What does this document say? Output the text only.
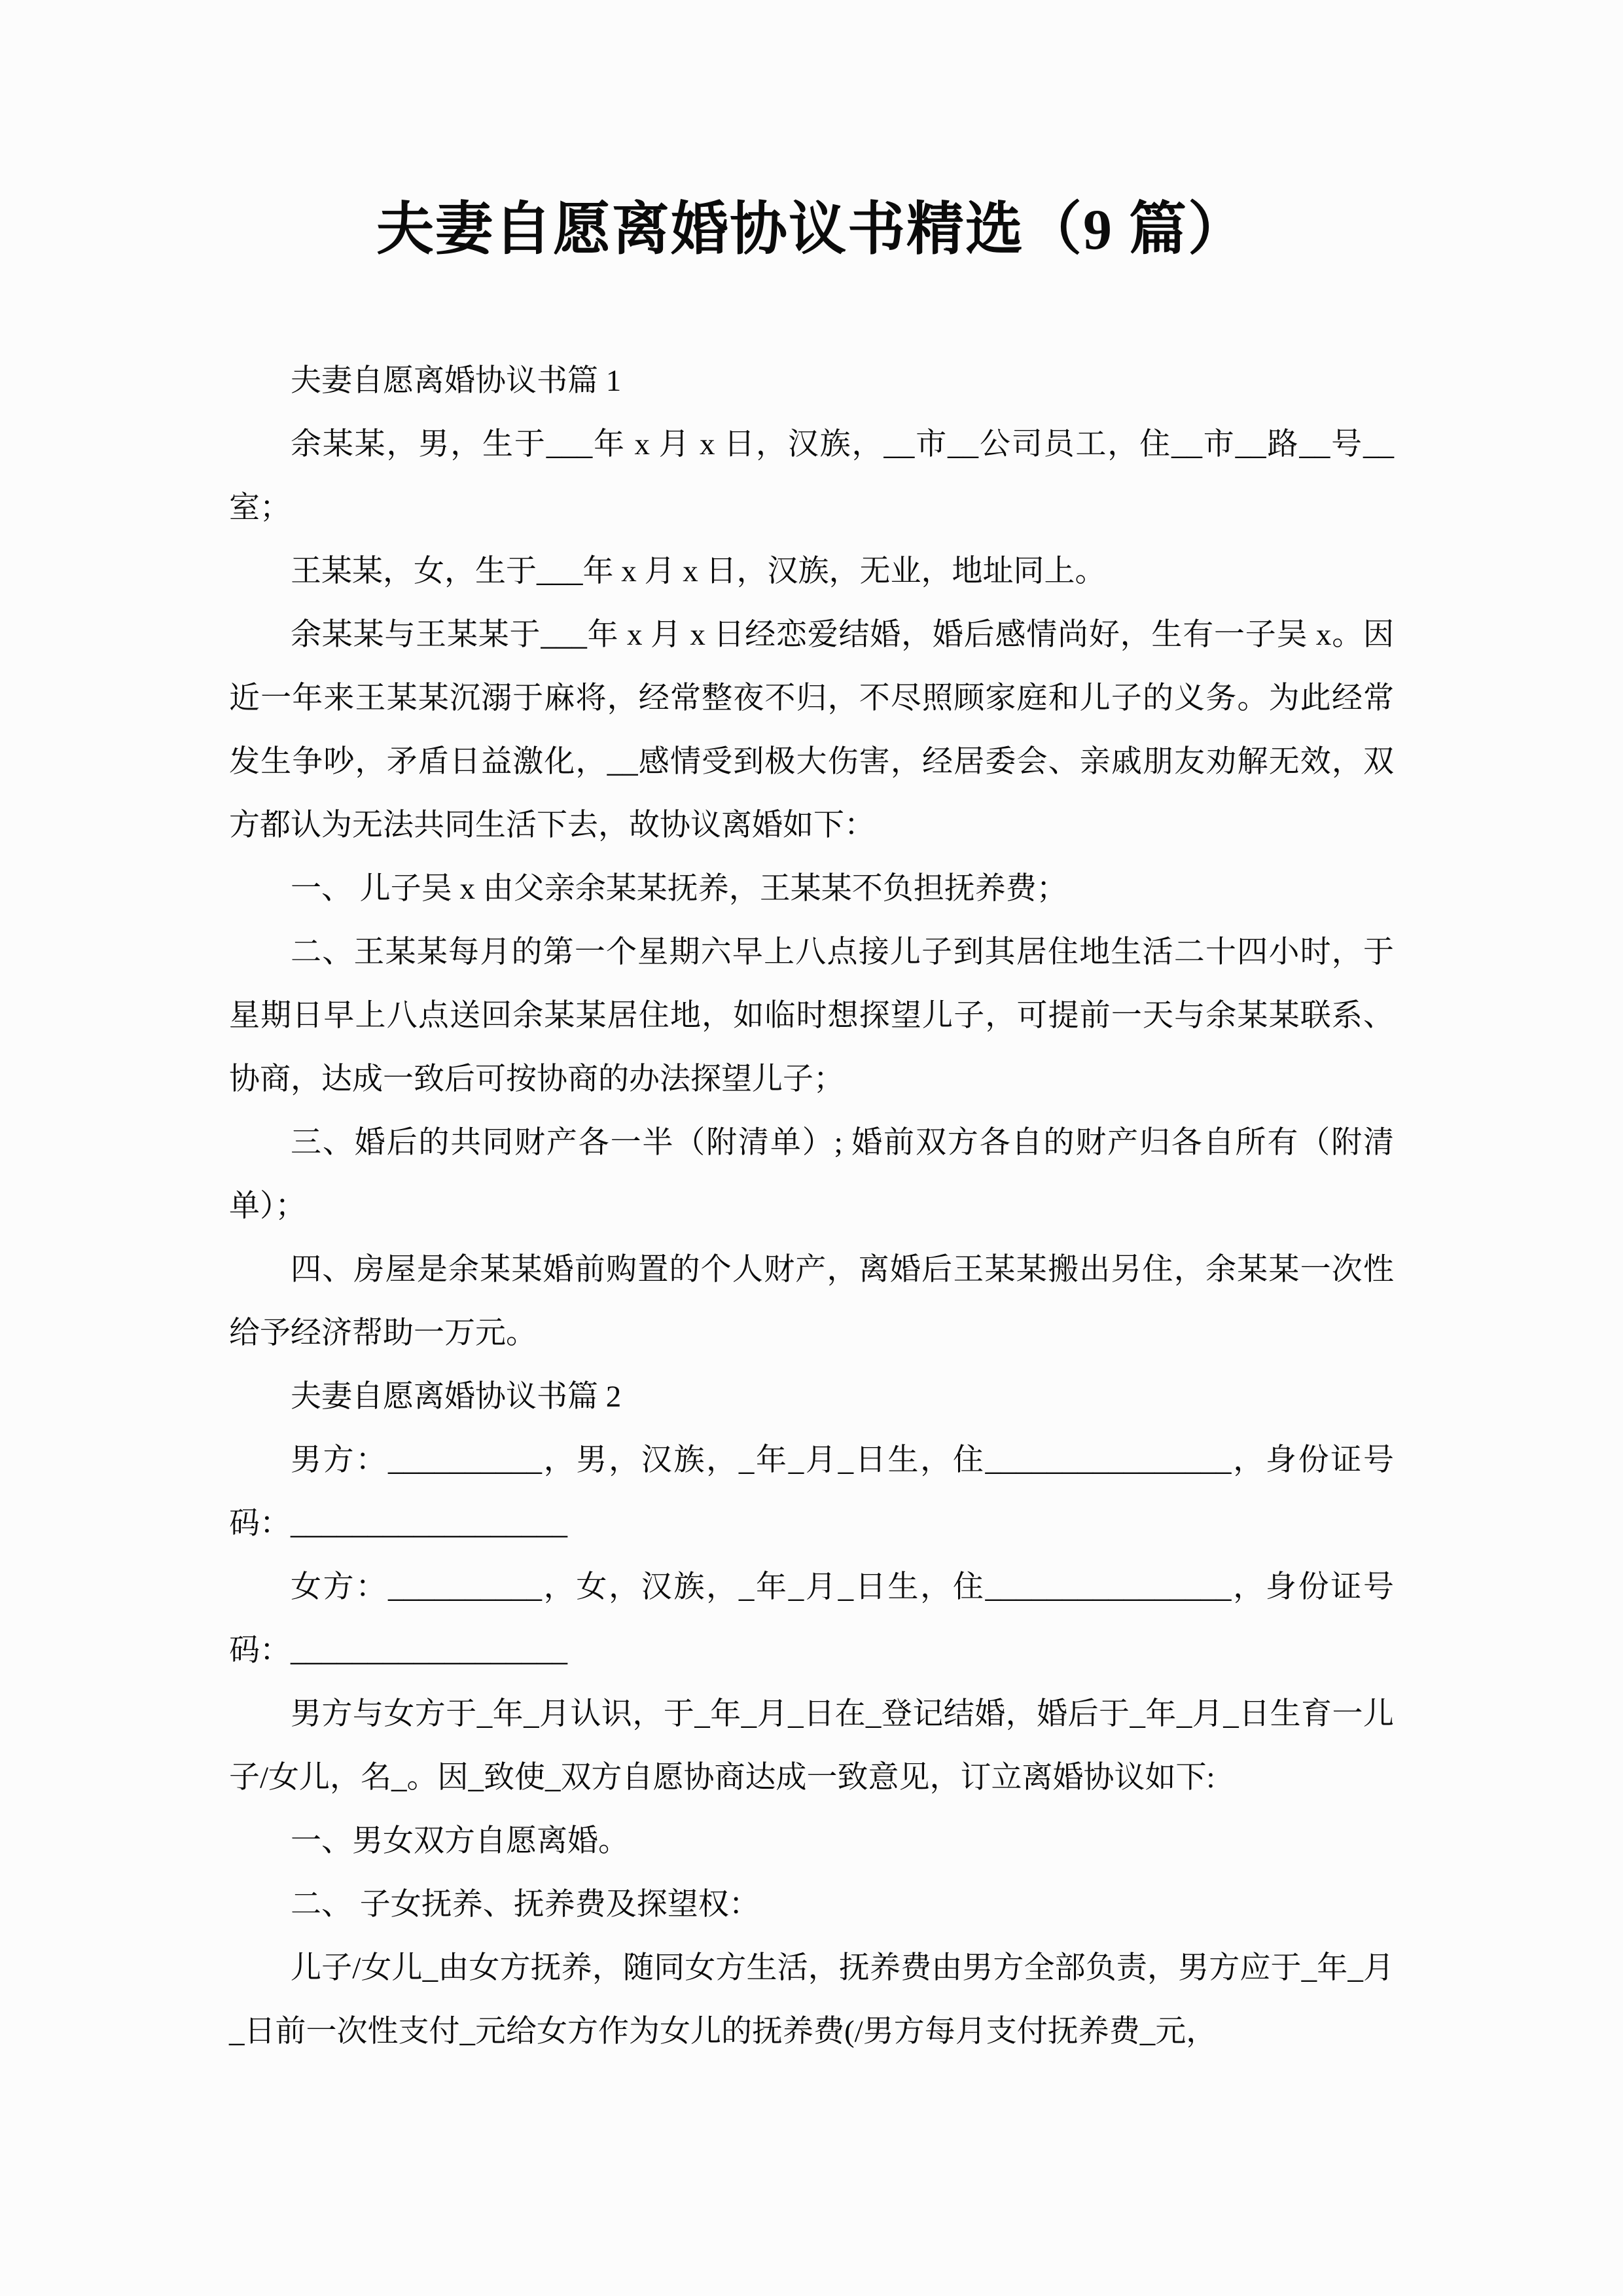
夫妻自愿离婚协议书精选（9 篇）

夫妻自愿离婚协议书篇 1

余某某，男，生于___年 x 月 x 日，汉族，__市__公司员工，住__市__路__号__室；

王某某，女，生于___年 x 月 x 日，汉族，无业，地址同上。

余某某与王某某于___年 x 月 x 日经恋爱结婚，婚后感情尚好，生有一子吴 x。因近一年来王某某沉溺于麻将，经常整夜不归，不尽照顾家庭和儿子的义务。为此经常发生争吵，矛盾日益激化，__感情受到极大伤害，经居委会、亲戚朋友劝解无效，双方都认为无法共同生活下去，故协议离婚如下：

一、 儿子吴 x 由父亲余某某抚养，王某某不负担抚养费；

二、王某某每月的第一个星期六早上八点接儿子到其居住地生活二十四小时，于星期日早上八点送回余某某居住地，如临时想探望儿子，可提前一天与余某某联系、协商，达成一致后可按协商的办法探望儿子；

三、婚后的共同财产各一半（附清单）; 婚前双方各自的财产归各自所有（附清单）；

四、房屋是余某某婚前购置的个人财产，离婚后王某某搬出另住，余某某一次性给予经济帮助一万元。

夫妻自愿离婚协议书篇 2

男方：__________，男，汉族，_年_月_日生，住________________，身份证号码：__________________

女方：__________，女，汉族，_年_月_日生，住________________，身份证号码：__________________

男方与女方于_年_月认识，于_年_月_日在_登记结婚，婚后于_年_月_日生育一儿子/女儿，名_。因_致使_双方自愿协商达成一致意见，订立离婚协议如下:

一、男女双方自愿离婚。

二、 子女抚养、抚养费及探望权：

儿子/女儿_由女方抚养，随同女方生活，抚养费由男方全部负责，男方应于_年_月_日前一次性支付_元给女方作为女儿的抚养费(/男方每月支付抚养费_元，
